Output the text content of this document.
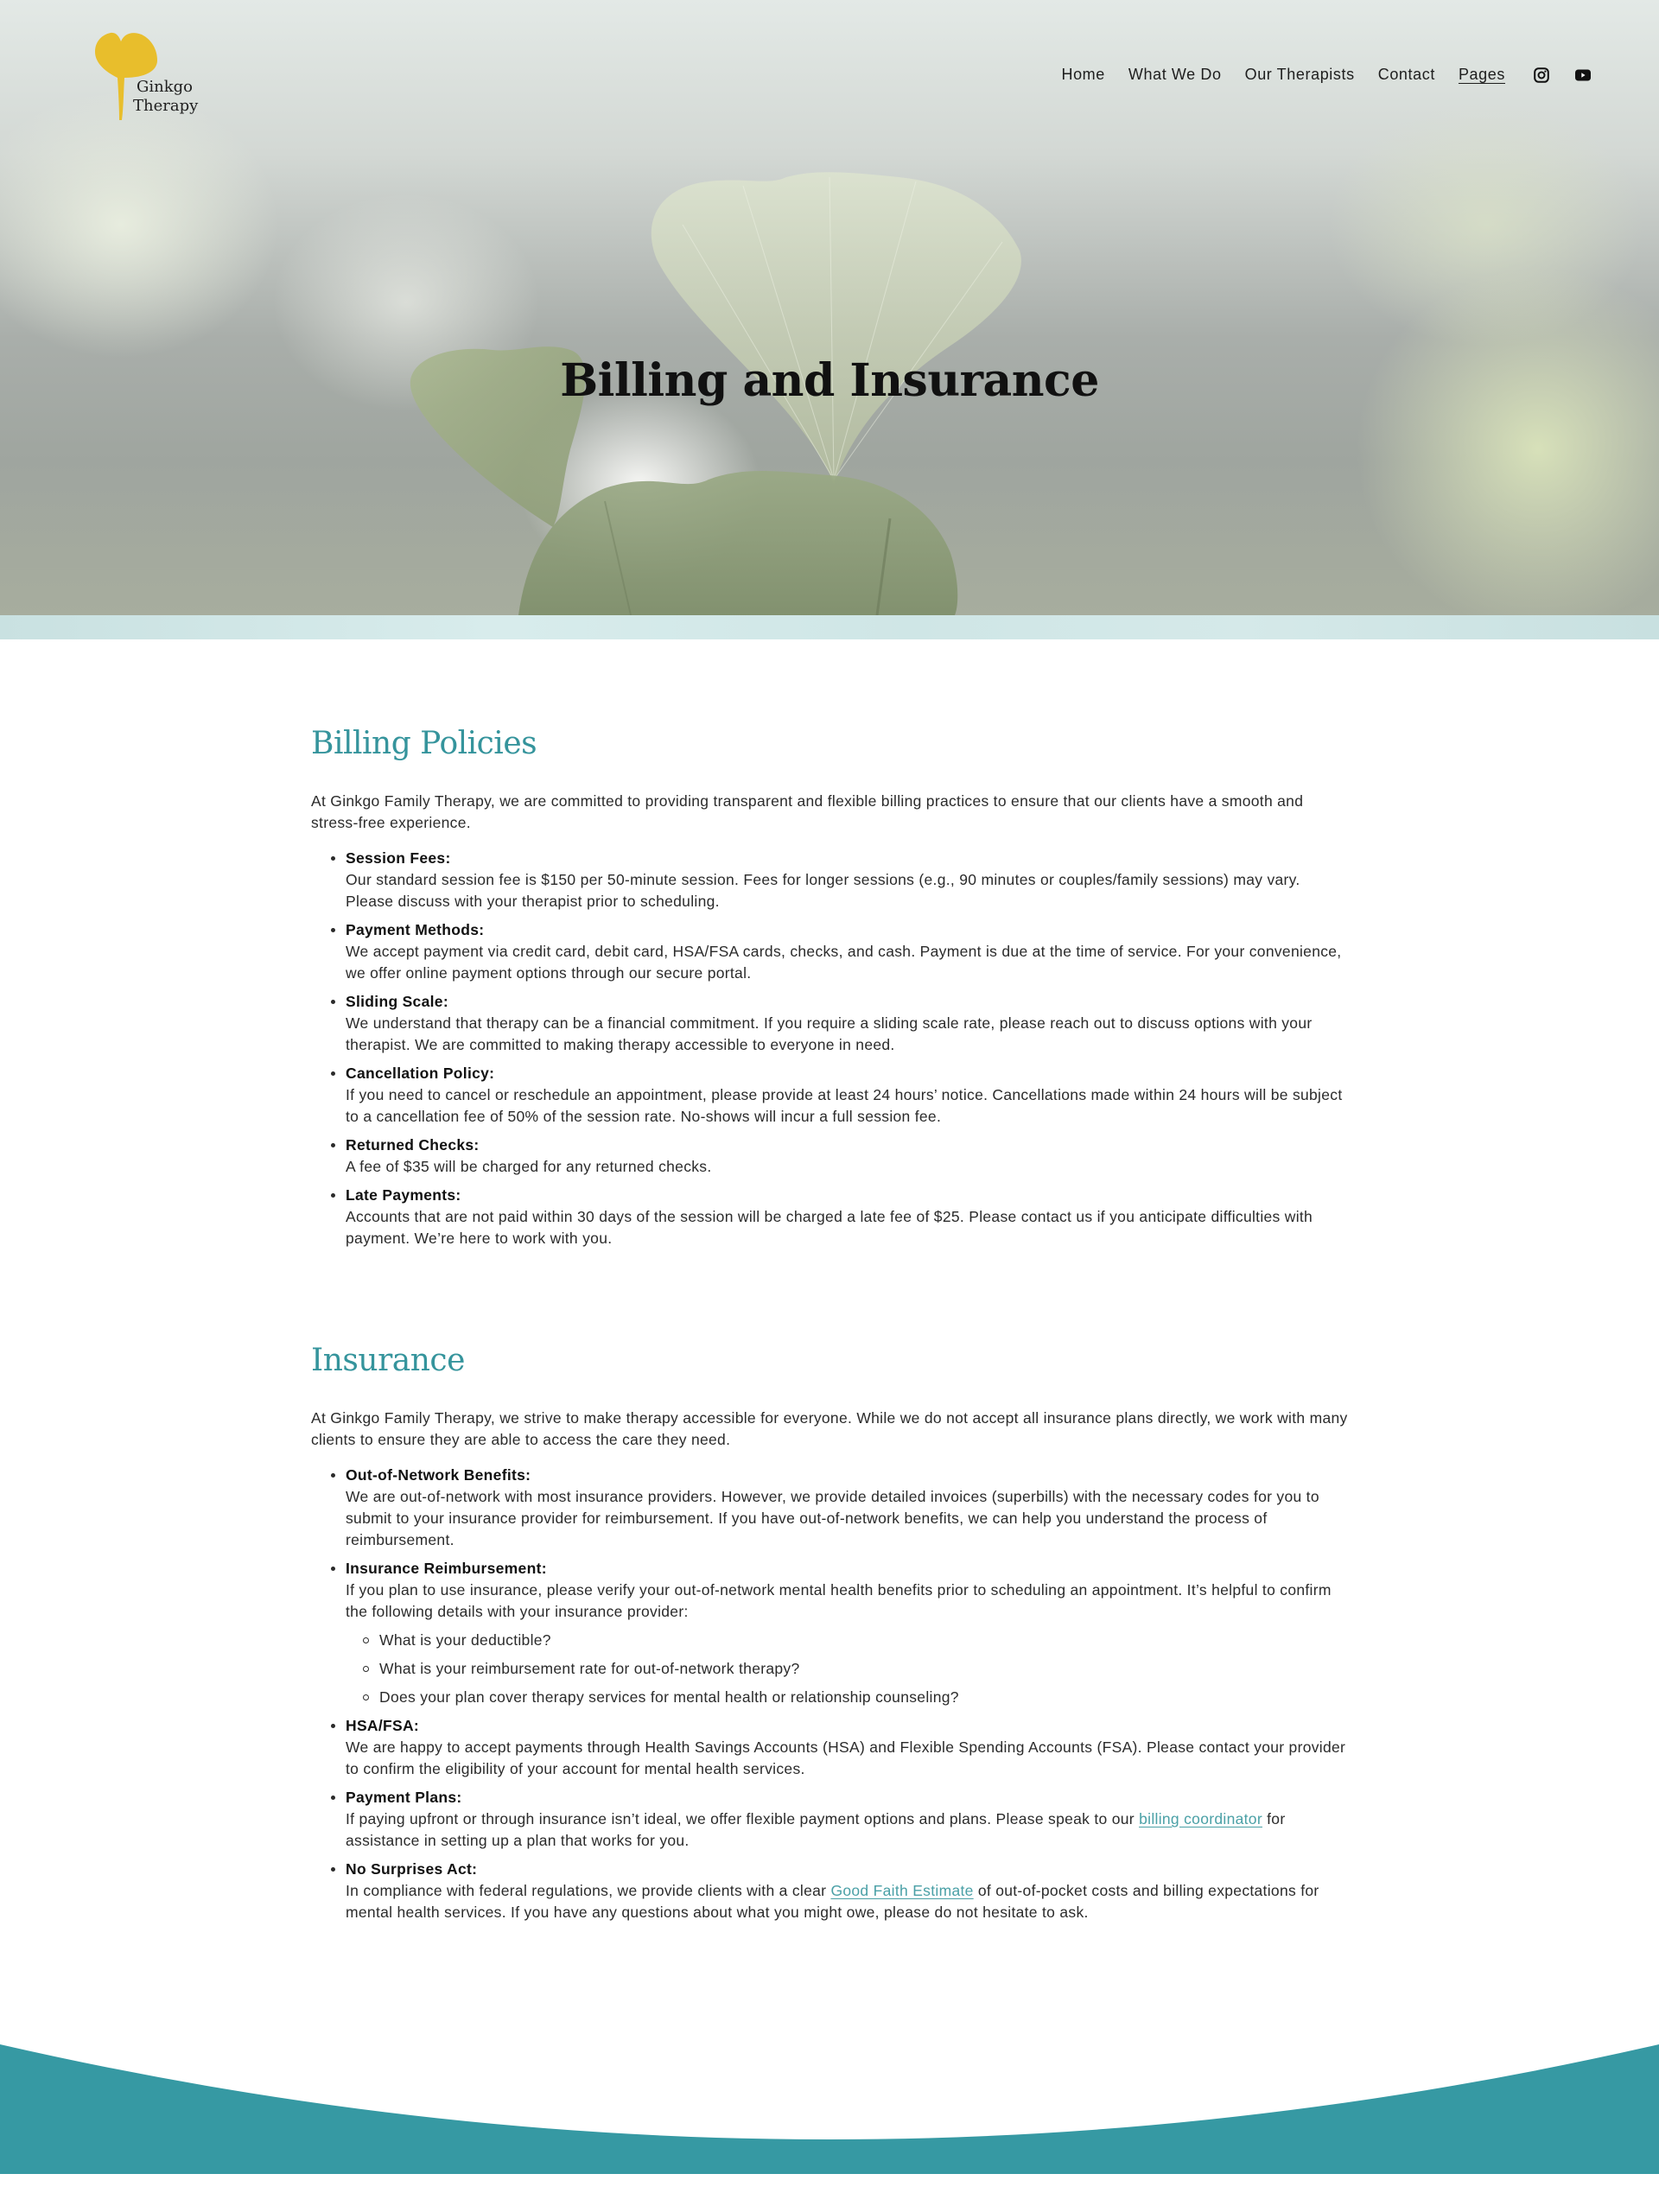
Ginkgo
Therapy
Home What We Do Our Therapists Contact Pages
Billing and Insurance
Billing Policies

At Ginkgo Family Therapy, we are committed to providing transparent and flexible billing practices to ensure that our clients have a smooth and stress-free experience.

Session Fees:
Our standard session fee is $150 per 50-minute session. Fees for longer sessions (e.g., 90 minutes or couples/family sessions) may vary. Please discuss with your therapist prior to scheduling.
Payment Methods:
We accept payment via credit card, debit card, HSA/FSA cards, checks, and cash. Payment is due at the time of service. For your convenience, we offer online payment options through our secure portal.
Sliding Scale:
We understand that therapy can be a financial commitment. If you require a sliding scale rate, please reach out to discuss options with your therapist. We are committed to making therapy accessible to everyone in need.
Cancellation Policy:
If you need to cancel or reschedule an appointment, please provide at least 24 hours’ notice. Cancellations made within 24 hours will be subject to a cancellation fee of 50% of the session rate. No-shows will incur a full session fee.
Returned Checks:
A fee of $35 will be charged for any returned checks.
Late Payments:
Accounts that are not paid within 30 days of the session will be charged a late fee of $25. Please contact us if you anticipate difficulties with payment. We’re here to work with you.
Insurance

At Ginkgo Family Therapy, we strive to make therapy accessible for everyone. While we do not accept all insurance plans directly, we work with many clients to ensure they are able to access the care they need.

Out-of-Network Benefits:
We are out-of-network with most insurance providers. However, we provide detailed invoices (superbills) with the necessary codes for you to submit to your insurance provider for reimbursement. If you have out-of-network benefits, we can help you understand the process of reimbursement.
Insurance Reimbursement:
If you plan to use insurance, please verify your out-of-network mental health benefits prior to scheduling an appointment. It’s helpful to confirm the following details with your insurance provider:
What is your deductible?
What is your reimbursement rate for out-of-network therapy?
Does your plan cover therapy services for mental health or relationship counseling?
HSA/FSA:
We are happy to accept payments through Health Savings Accounts (HSA) and Flexible Spending Accounts (FSA). Please contact your provider to confirm the eligibility of your account for mental health services.
Payment Plans:
If paying upfront or through insurance isn’t ideal, we offer flexible payment options and plans. Please speak to our billing coordinator for assistance in setting up a plan that works for you.
No Surprises Act:
In compliance with federal regulations, we provide clients with a clear Good Faith Estimate of out-of-pocket costs and billing expectations for mental health services. If you have any questions about what you might owe, please do not hesitate to ask.
